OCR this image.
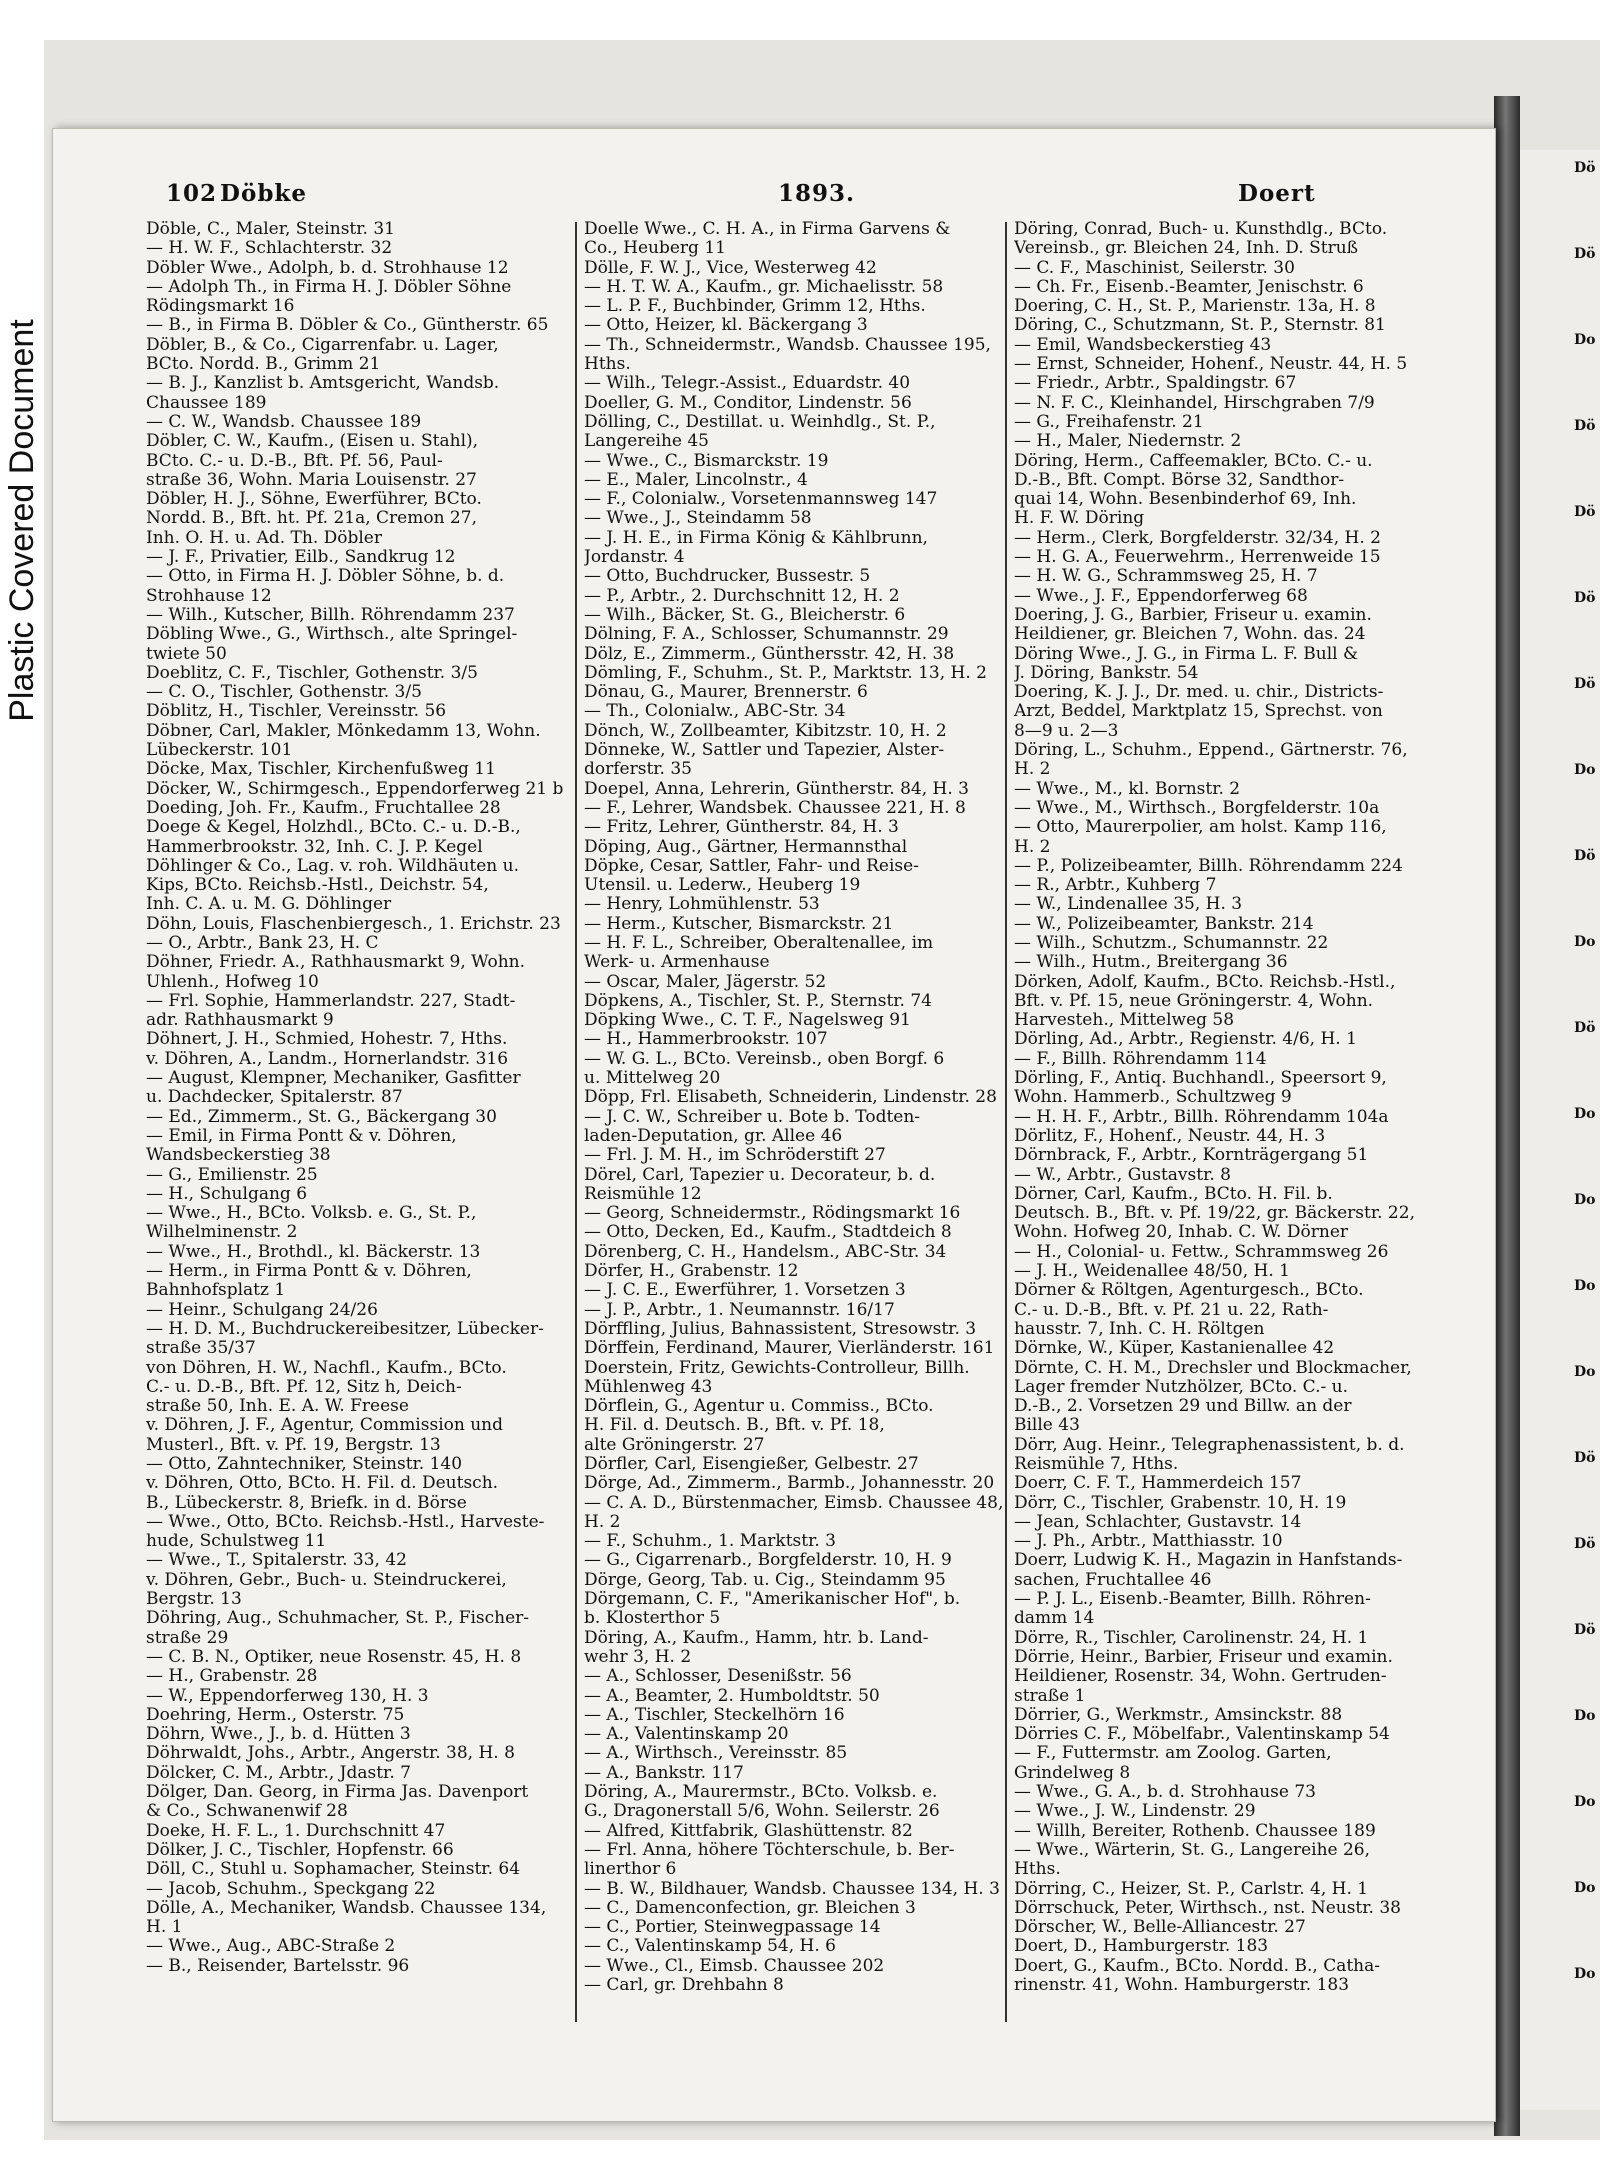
Plastic Covered Document
Dö
Dö
Do
Dö
Dö
Dö
Dö
Do
Dö
Do
Dö
Do
Do
Do
Do
Dö
Dö
Dö
Do
Do
Do
Do
102
Döbke	1893.	Doert
Döble, C., Maler, Steinstr. 31
— H. W. F., Schlachterstr. 32
Döbler Wwe., Adolph, b. d. Strohhause 12
— Adolph Th., in Firma H. J. Döbler Söhne
Rödingsmarkt 16
— B., in Firma B. Döbler & Co., Güntherstr. 65
Döbler, B., & Co., Cigarrenfabr. u. Lager,
BCto. Nordd. B., Grimm 21
— B. J., Kanzlist b. Amtsgericht, Wandsb.
Chaussee 189
— C. W., Wandsb. Chaussee 189
Döbler, C. W., Kaufm., (Eisen u. Stahl),
BCto. C.- u. D.-B., Bft. Pf. 56, Paul-
straße 36, Wohn. Maria Louisenstr. 27
Döbler, H. J., Söhne, Ewerführer, BCto.
Nordd. B., Bft. ht. Pf. 21a, Cremon 27,
Inh. O. H. u. Ad. Th. Döbler
— J. F., Privatier, Eilb., Sandkrug 12
— Otto, in Firma H. J. Döbler Söhne, b. d.
Strohhause 12
— Wilh., Kutscher, Billh. Röhrendamm 237
Döbling Wwe., G., Wirthsch., alte Springel-
twiete 50
Doeblitz, C. F., Tischler, Gothenstr. 3/5
— C. O., Tischler, Gothenstr. 3/5
Döblitz, H., Tischler, Vereinsstr. 56
Döbner, Carl, Makler, Mönkedamm 13, Wohn.
Lübeckerstr. 101
Döcke, Max, Tischler, Kirchenfußweg 11
Döcker, W., Schirmgesch., Eppendorferweg 21 b
Doeding, Joh. Fr., Kaufm., Fruchtallee 28
Doege & Kegel, Holzhdl., BCto. C.- u. D.-B.,
Hammerbrookstr. 32, Inh. C. J. P. Kegel
Döhlinger & Co., Lag. v. roh. Wildhäuten u.
Kips, BCto. Reichsb.-Hstl., Deichstr. 54,
Inh. C. A. u. M. G. Döhlinger
Döhn, Louis, Flaschenbiergesch., 1. Erichstr. 23
— O., Arbtr., Bank 23, H. C
Döhner, Friedr. A., Rathhausmarkt 9, Wohn.
Uhlenh., Hofweg 10
— Frl. Sophie, Hammerlandstr. 227, Stadt-
adr. Rathhausmarkt 9
Döhnert, J. H., Schmied, Hohestr. 7, Hths.
v. Döhren, A., Landm., Hornerlandstr. 316
— August, Klempner, Mechaniker, Gasfitter
u. Dachdecker, Spitalerstr. 87
— Ed., Zimmerm., St. G., Bäckergang 30
— Emil, in Firma Pontt & v. Döhren,
Wandsbeckerstieg 38
— G., Emilienstr. 25
— H., Schulgang 6
— Wwe., H., BCto. Volksb. e. G., St. P.,
Wilhelminenstr. 2
— Wwe., H., Brothdl., kl. Bäckerstr. 13
— Herm., in Firma Pontt & v. Döhren,
Bahnhofsplatz 1
— Heinr., Schulgang 24/26
— H. D. M., Buchdruckereibesitzer, Lübecker-
straße 35/37
von Döhren, H. W., Nachfl., Kaufm., BCto.
C.- u. D.-B., Bft. Pf. 12, Sitz h, Deich-
straße 50, Inh. E. A. W. Freese
v. Döhren, J. F., Agentur, Commission und
Musterl., Bft. v. Pf. 19, Bergstr. 13
— Otto, Zahntechniker, Steinstr. 140
v. Döhren, Otto, BCto. H. Fil. d. Deutsch.
B., Lübeckerstr. 8, Briefk. in d. Börse
— Wwe., Otto, BCto. Reichsb.-Hstl., Harveste-
hude, Schulstweg 11
— Wwe., T., Spitalerstr. 33, 42
v. Döhren, Gebr., Buch- u. Steindruckerei,
Bergstr. 13
Döhring, Aug., Schuhmacher, St. P., Fischer-
straße 29
— C. B. N., Optiker, neue Rosenstr. 45, H. 8
— H., Grabenstr. 28
— W., Eppendorferweg 130, H. 3
Doehring, Herm., Osterstr. 75
Döhrn, Wwe., J., b. d. Hütten 3
Döhrwaldt, Johs., Arbtr., Angerstr. 38, H. 8
Dölcker, C. M., Arbtr., Jdastr. 7
Dölger, Dan. Georg, in Firma Jas. Davenport
& Co., Schwanenwif 28
Doeke, H. F. L., 1. Durchschnitt 47
Dölker, J. C., Tischler, Hopfenstr. 66
Döll, C., Stuhl u. Sophamacher, Steinstr. 64
— Jacob, Schuhm., Speckgang 22
Dölle, A., Mechaniker, Wandsb. Chaussee 134,
H. 1
— Wwe., Aug., ABC-Straße 2
— B., Reisender, Bartelsstr. 96
Doelle Wwe., C. H. A., in Firma Garvens &
Co., Heuberg 11
Dölle, F. W. J., Vice, Westerweg 42
— H. T. W. A., Kaufm., gr. Michaelisstr. 58
— L. P. F., Buchbinder, Grimm 12, Hths.
— Otto, Heizer, kl. Bäckergang 3
— Th., Schneidermstr., Wandsb. Chaussee 195,
Hths.
— Wilh., Telegr.-Assist., Eduardstr. 40
Doeller, G. M., Conditor, Lindenstr. 56
Dölling, C., Destillat. u. Weinhdlg., St. P.,
Langereihe 45
— Wwe., C., Bismarckstr. 19
— E., Maler, Lincolnstr., 4
— F., Colonialw., Vorsetenmannsweg 147
— Wwe., J., Steindamm 58
— J. H. E., in Firma König & Kählbrunn,
Jordanstr. 4
— Otto, Buchdrucker, Bussestr. 5
— P., Arbtr., 2. Durchschnitt 12, H. 2
— Wilh., Bäcker, St. G., Bleicherstr. 6
Dölning, F. A., Schlosser, Schumannstr. 29
Dölz, E., Zimmerm., Günthersstr. 42, H. 38
Dömling, F., Schuhm., St. P., Marktstr. 13, H. 2
Dönau, G., Maurer, Brennerstr. 6
— Th., Colonialw., ABC-Str. 34
Dönch, W., Zollbeamter, Kibitzstr. 10, H. 2
Dönneke, W., Sattler und Tapezier, Alster-
dorferstr. 35
Doepel, Anna, Lehrerin, Güntherstr. 84, H. 3
— F., Lehrer, Wandsbek. Chaussee 221, H. 8
— Fritz, Lehrer, Güntherstr. 84, H. 3
Döping, Aug., Gärtner, Hermannsthal
Döpke, Cesar, Sattler, Fahr- und Reise-
Utensil. u. Lederw., Heuberg 19
— Henry, Lohmühlenstr. 53
— Herm., Kutscher, Bismarckstr. 21
— H. F. L., Schreiber, Oberaltenallee, im
Werk- u. Armenhause
— Oscar, Maler, Jägerstr. 52
Döpkens, A., Tischler, St. P., Sternstr. 74
Döpking Wwe., C. T. F., Nagelsweg 91
— H., Hammerbrookstr. 107
— W. G. L., BCto. Vereinsb., oben Borgf. 6
u. Mittelweg 20
Döpp, Frl. Elisabeth, Schneiderin, Lindenstr. 28
— J. C. W., Schreiber u. Bote b. Todten-
laden-Deputation, gr. Allee 46
— Frl. J. M. H., im Schröderstift 27
Dörel, Carl, Tapezier u. Decorateur, b. d.
Reismühle 12
— Georg, Schneidermstr., Rödingsmarkt 16
— Otto, Decken, Ed., Kaufm., Stadtdeich 8
Dörenberg, C. H., Handelsm., ABC-Str. 34
Dörfer, H., Grabenstr. 12
— J. C. E., Ewerführer, 1. Vorsetzen 3
— J. P., Arbtr., 1. Neumannstr. 16/17
Dörffling, Julius, Bahnassistent, Stresowstr. 3
Dörffein, Ferdinand, Maurer, Vierländerstr. 161
Doerstein, Fritz, Gewichts-Controlleur, Billh.
Mühlenweg 43
Dörflein, G., Agentur u. Commiss., BCto.
H. Fil. d. Deutsch. B., Bft. v. Pf. 18,
alte Gröningerstr. 27
Dörfler, Carl, Eisengießer, Gelbestr. 27
Dörge, Ad., Zimmerm., Barmb., Johannesstr. 20
— C. A. D., Bürstenmacher, Eimsb. Chaussee 48,
H. 2
— F., Schuhm., 1. Marktstr. 3
— G., Cigarrenarb., Borgfelderstr. 10, H. 9
Dörge, Georg, Tab. u. Cig., Steindamm 95
Dörgemann, C. F., "Amerikanischer Hof", b.
b. Klosterthor 5
Döring, A., Kaufm., Hamm, htr. b. Land-
wehr 3, H. 2
— A., Schlosser, Desenißstr. 56
— A., Beamter, 2. Humboldtstr. 50
— A., Tischler, Steckelhörn 16
— A., Valentinskamp 20
— A., Wirthsch., Vereinsstr. 85
— A., Bankstr. 117
Döring, A., Maurermstr., BCto. Volksb. e.
G., Dragonerstall 5/6, Wohn. Seilerstr. 26
— Alfred, Kittfabrik, Glashüttenstr. 82
— Frl. Anna, höhere Töchterschule, b. Ber-
linerthor 6
— B. W., Bildhauer, Wandsb. Chaussee 134, H. 3
— C., Damenconfection, gr. Bleichen 3
— C., Portier, Steinwegpassage 14
— C., Valentinskamp 54, H. 6
— Wwe., Cl., Eimsb. Chaussee 202
— Carl, gr. Drehbahn 8
Döring, Conrad, Buch- u. Kunsthdlg., BCto.
Vereinsb., gr. Bleichen 24, Inh. D. Struß
— C. F., Maschinist, Seilerstr. 30
— Ch. Fr., Eisenb.-Beamter, Jenischstr. 6
Doering, C. H., St. P., Marienstr. 13a, H. 8
Döring, C., Schutzmann, St. P., Sternstr. 81
— Emil, Wandsbeckerstieg 43
— Ernst, Schneider, Hohenf., Neustr. 44, H. 5
— Friedr., Arbtr., Spaldingstr. 67
— N. F. C., Kleinhandel, Hirschgraben 7/9
— G., Freihafenstr. 21
— H., Maler, Niedernstr. 2
Döring, Herm., Caffeemakler, BCto. C.- u.
D.-B., Bft. Compt. Börse 32, Sandthor-
quai 14, Wohn. Besenbinderhof 69, Inh.
H. F. W. Döring
— Herm., Clerk, Borgfelderstr. 32/34, H. 2
— H. G. A., Feuerwehrm., Herrenweide 15
— H. W. G., Schrammsweg 25, H. 7
— Wwe., J. F., Eppendorferweg 68
Doering, J. G., Barbier, Friseur u. examin.
Heildiener, gr. Bleichen 7, Wohn. das. 24
Döring Wwe., J. G., in Firma L. F. Bull &
J. Döring, Bankstr. 54
Doering, K. J. J., Dr. med. u. chir., Districts-
Arzt, Beddel, Marktplatz 15, Sprechst. von
8—9 u. 2—3
Döring, L., Schuhm., Eppend., Gärtnerstr. 76,
H. 2
— Wwe., M., kl. Bornstr. 2
— Wwe., M., Wirthsch., Borgfelderstr. 10a
— Otto, Maurerpolier, am holst. Kamp 116,
H. 2
— P., Polizeibeamter, Billh. Röhrendamm 224
— R., Arbtr., Kuhberg 7
— W., Lindenallee 35, H. 3
— W., Polizeibeamter, Bankstr. 214
— Wilh., Schutzm., Schumannstr. 22
— Wilh., Hutm., Breitergang 36
Dörken, Adolf, Kaufm., BCto. Reichsb.-Hstl.,
Bft. v. Pf. 15, neue Gröningerstr. 4, Wohn.
Harvesteh., Mittelweg 58
Dörling, Ad., Arbtr., Regienstr. 4/6, H. 1
— F., Billh. Röhrendamm 114
Dörling, F., Antiq. Buchhandl., Speersort 9,
Wohn. Hammerb., Schultzweg 9
— H. H. F., Arbtr., Billh. Röhrendamm 104a
Dörlitz, F., Hohenf., Neustr. 44, H. 3
Dörnbrack, F., Arbtr., Kornträgergang 51
— W., Arbtr., Gustavstr. 8
Dörner, Carl, Kaufm., BCto. H. Fil. b.
Deutsch. B., Bft. v. Pf. 19/22, gr. Bäckerstr. 22,
Wohn. Hofweg 20, Inhab. C. W. Dörner
— H., Colonial- u. Fettw., Schrammsweg 26
— J. H., Weidenallee 48/50, H. 1
Dörner & Röltgen, Agenturgesch., BCto.
C.- u. D.-B., Bft. v. Pf. 21 u. 22, Rath-
hausstr. 7, Inh. C. H. Röltgen
Dörnke, W., Küper, Kastanienallee 42
Dörnte, C. H. M., Drechsler und Blockmacher,
Lager fremder Nutzhölzer, BCto. C.- u.
D.-B., 2. Vorsetzen 29 und Billw. an der
Bille 43
Dörr, Aug. Heinr., Telegraphenassistent, b. d.
Reismühle 7, Hths.
Doerr, C. F. T., Hammerdeich 157
Dörr, C., Tischler, Grabenstr. 10, H. 19
— Jean, Schlachter, Gustavstr. 14
— J. Ph., Arbtr., Matthiasstr. 10
Doerr, Ludwig K. H., Magazin in Hanfstands-
sachen, Fruchtallee 46
— P. J. L., Eisenb.-Beamter, Billh. Röhren-
damm 14
Dörre, R., Tischler, Carolinenstr. 24, H. 1
Dörrie, Heinr., Barbier, Friseur und examin.
Heildiener, Rosenstr. 34, Wohn. Gertruden-
straße 1
Dörrier, G., Werkmstr., Amsinckstr. 88
Dörries C. F., Möbelfabr., Valentinskamp 54
— F., Futtermstr. am Zoolog. Garten,
Grindelweg 8
— Wwe., G. A., b. d. Strohhause 73
— Wwe., J. W., Lindenstr. 29
— Willh, Bereiter, Rothenb. Chaussee 189
— Wwe., Wärterin, St. G., Langereihe 26,
Hths.
Dörring, C., Heizer, St. P., Carlstr. 4, H. 1
Dörrschuck, Peter, Wirthsch., nst. Neustr. 38
Dörscher, W., Belle-Alliancestr. 27
Doert, D., Hamburgerstr. 183
Doert, G., Kaufm., BCto. Nordd. B., Catha-
rinenstr. 41, Wohn. Hamburgerstr. 183
